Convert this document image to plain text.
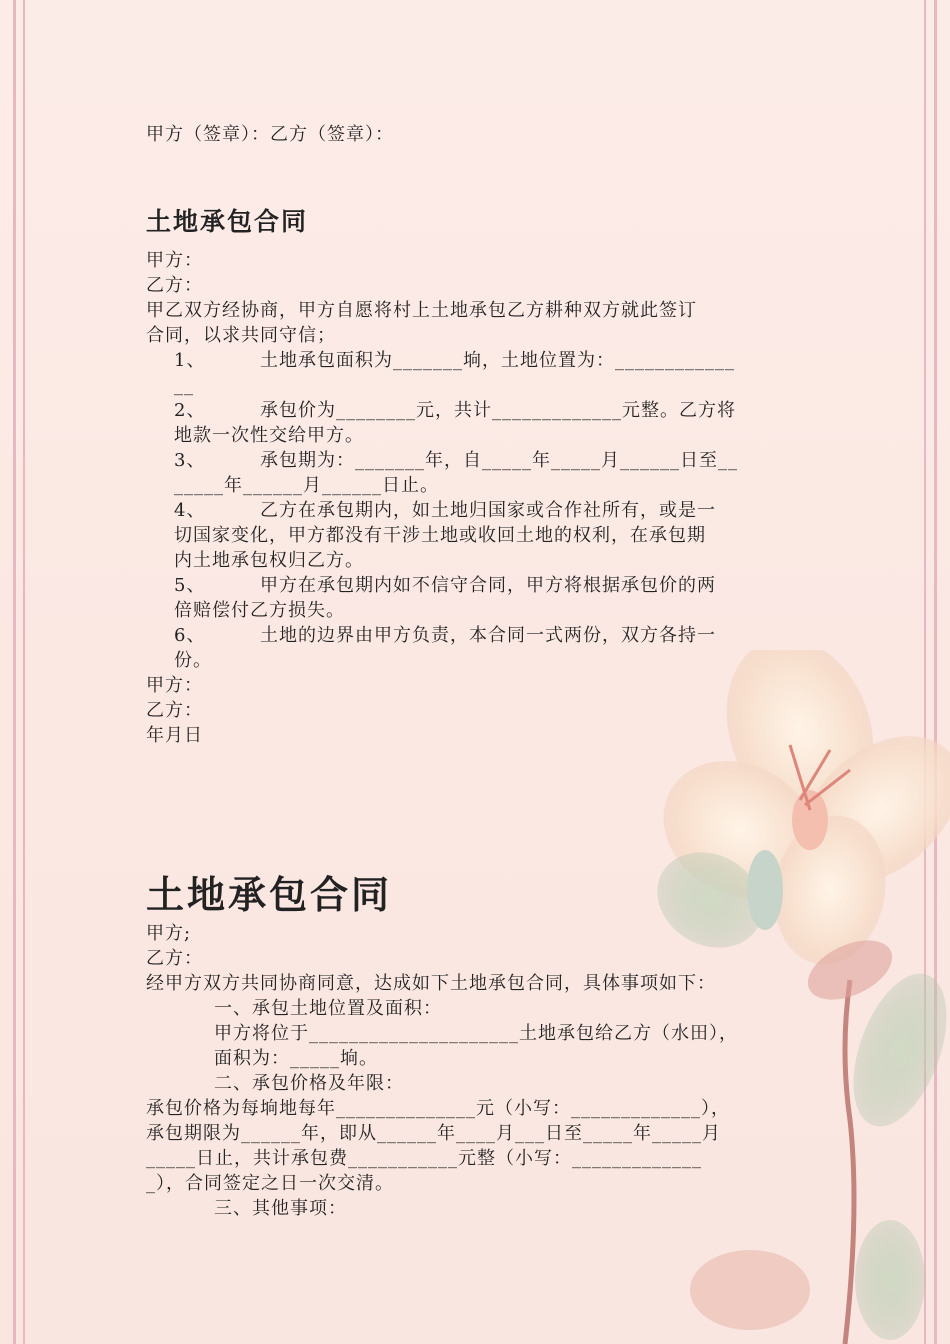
甲方（签章）：乙方（签章）：
土地承包合同
甲方：
乙方：
甲乙双方经协商，甲方自愿将村上土地承包乙方耕种双方就此签订
合同，以求共同守信；
1、	土地承包面积为_______垧，土地位置为：____________
__
2、	承包价为________元，共计_____________元整。乙方将
地款一次性交给甲方。
3、	承包期为：_______年，自_____年_____月______日至__
_____年______月______日止。
4、	乙方在承包期内，如土地归国家或合作社所有，或是一
切国家变化，甲方都没有干涉土地或收回土地的权利，在承包期
内土地承包权归乙方。
5、	甲方在承包期内如不信守合同，甲方将根据承包价的两
倍赔偿付乙方损失。
6、	土地的边界由甲方负责，本合同一式两份，双方各持一
份。
甲方：
乙方：
年月日
土地承包合同
甲方;
乙方：
经甲方双方共同协商同意，达成如下土地承包合同，具体事项如下：
一、承包土地位置及面积：
甲方将位于_____________________土地承包给乙方（水田），
面积为：_____垧。
二、承包价格及年限：
承包价格为每垧地每年______________元（小写：_____________），
承包期限为______年，即从______年____月___日至_____年_____月
_____日止，共计承包费___________元整（小写：_____________
_），合同签定之日一次交清。
三、其他事项：
